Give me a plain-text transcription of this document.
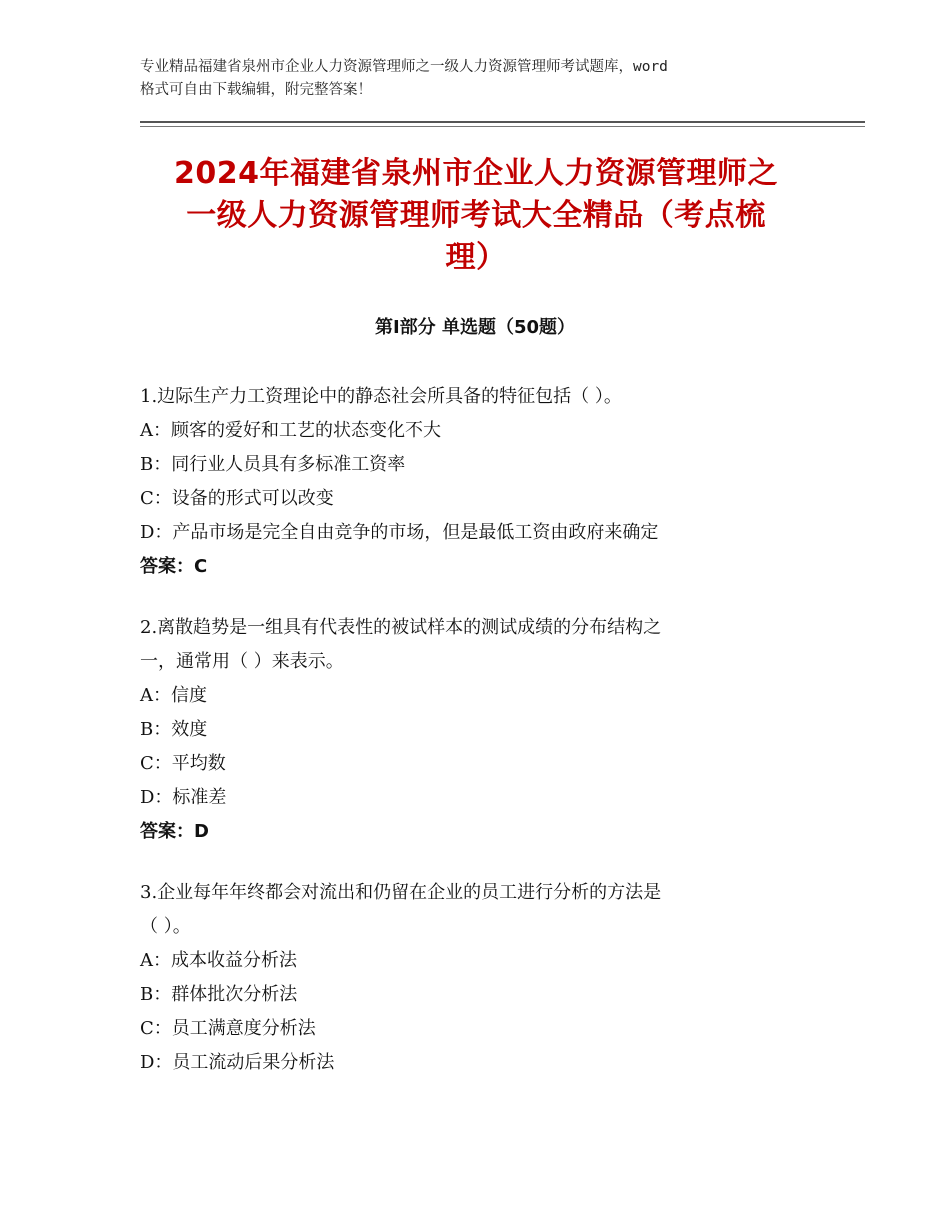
专业精品福建省泉州市企业人力资源管理师之一级人力资源管理师考试题库，word
格式可自由下载编辑，附完整答案！
2024年福建省泉州市企业人力资源管理师之
一级人力资源管理师考试大全精品（考点梳
理）
第Ⅰ部分 单选题（50题）
1.边际生产力工资理论中的静态社会所具备的特征包括（ ）。
A：顾客的爱好和工艺的状态变化不大
B：同行业人员具有多标准工资率
C：设备的形式可以改变
D：产品市场是完全自由竞争的市场，但是最低工资由政府来确定
答案：C
2.离散趋势是一组具有代表性的被试样本的测试成绩的分布结构之
一，通常用（ ）来表示。
A：信度
B：效度
C：平均数
D：标准差
答案：D
3.企业每年年终都会对流出和仍留在企业的员工进行分析的方法是
（ ）。
A：成本收益分析法
B：群体批次分析法
C：员工满意度分析法
D：员工流动后果分析法
